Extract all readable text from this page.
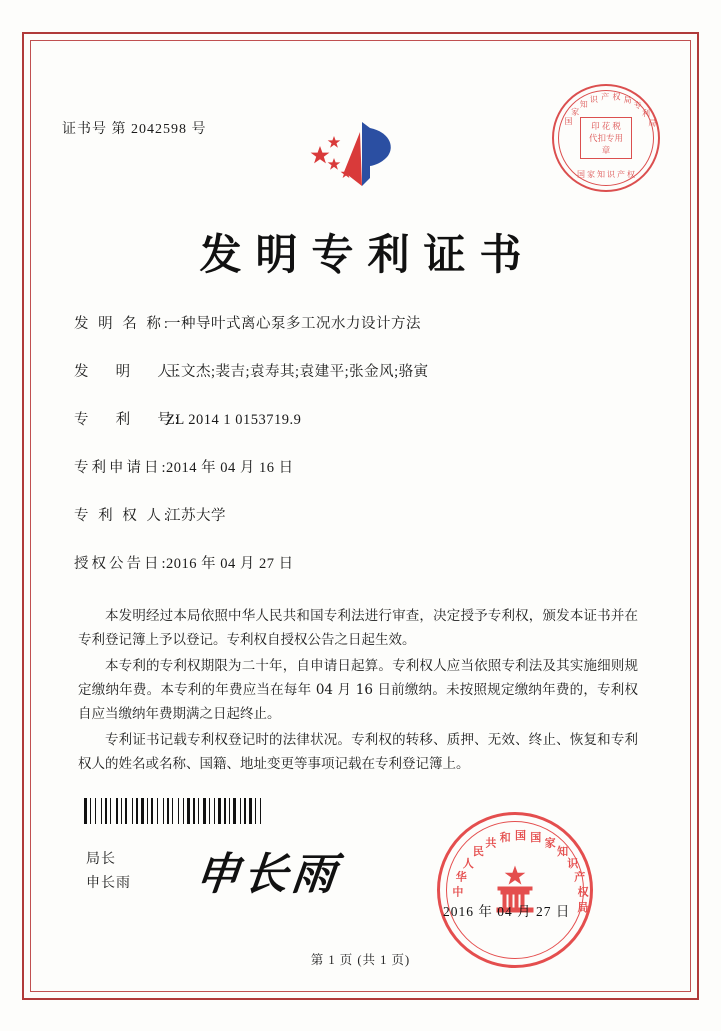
证书号 第 2042598 号
国
家
知
识 产 权 局
专
利
局
印 花 税
代扣专用章
国 家 知 识 产 权
发明专利证书
发 明 名 称:一种导叶式离心泵多工况水力设计方法
发　 明　 人:王文杰;裴吉;袁寿其;袁建平;张金风;骆寅
专　 利　 号:ZL 2014 1 0153719.9
专利申请日:2014 年 04 月 16 日
专 利 权 人:江苏大学
授权公告日:2016 年 04 月 27 日

本发明经过本局依照中华人民共和国专利法进行审查，决定授予专利权，颁发本证书并在专利登记簿上予以登记。专利权自授权公告之日起生效。

本专利的专利权期限为二十年，自申请日起算。专利权人应当依照专利法及其实施细则规定缴纳年费。本专利的年费应当在每年 04 月 16 日前缴纳。未按照规定缴纳年费的，专利权自应当缴纳年费期满之日起终止。

专利证书记载专利权登记时的法律状况。专利权的转移、质押、无效、终止、恢复和专利权人的姓名或名称、国籍、地址变更等事项记载在专利登记簿上。

局长
申长雨 申长雨	中
华
人
民
共 和 国 国 家
知
识
产
权
局
2016 年 04 月 27 日
第 1 页 (共 1 页)
